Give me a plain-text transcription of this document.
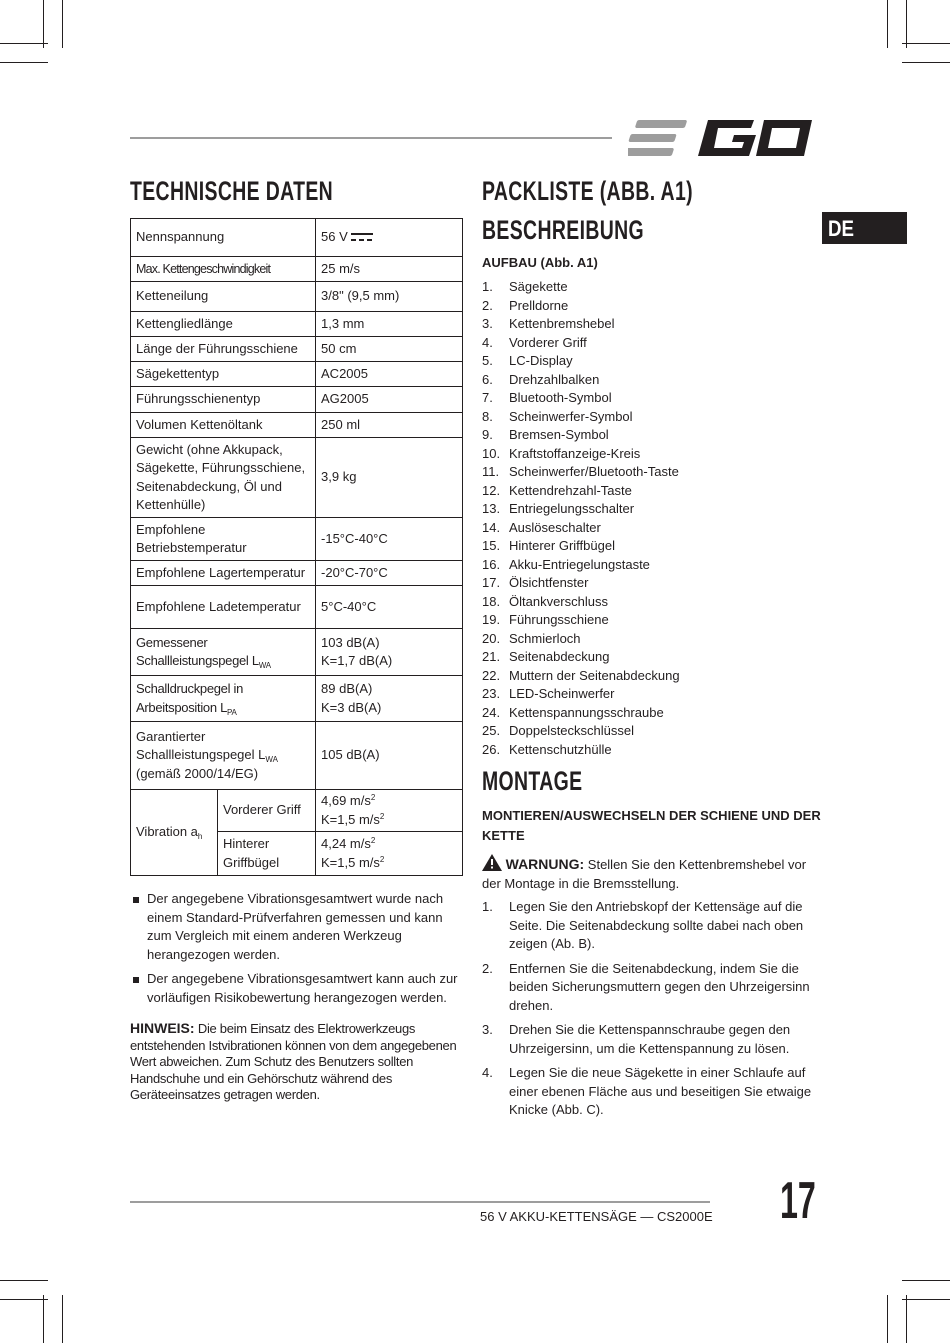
DE
TECHNISCHE DATEN
Nennspannung		56 V

Max. Kettengeschwindigkeit		25 m/s
Ketteneilung		3/8" (9,5 mm)
Kettengliedlänge		1,3 mm
Länge der Führungsschiene		50 cm
Sägekettentyp		AC2005
Führungsschienentyp		AG2005
Volumen Kettenöltank		250 ml
Gewicht (ohne Akkupack, Sägekette, Führungsschiene, Seitenabdeckung, Öl und Kettenhülle)		3,9 kg
Empfohlene Betriebstemperatur		-15°C-40°C
Empfohlene Lagertemperatur		-20°C-70°C
Empfohlene Ladetemperatur		5°C-40°C
Gemessener Schallleistungspegel $L_{WA}$		103 dB(A)
K=1,7 dB(A)
Schalldruckpegel in
Arbeitsposition $L_{PA}$		89 dB(A)
K=3 dB(A)
Garantierter
Schallleistungspegel $L_{WA}$
(gemäß 2000/14/EG)		105 dB(A)
Vibration $a_h$	Vorderer Griff	4,69 $m/s^2$
K=1,5 $m/s^2$
	Hinterer Griffbügel	4,24 $m/s^2$
K=1,5 $m/s^2$
Der angegebene Vibrationsgesamtwert wurde nach einem Standard-Prüfverfahren gemessen und kann zum Vergleich mit einem anderen Werkzeug herangezogen werden.
Der angegebene Vibrationsgesamtwert kann auch zur vorläufigen Risikobewertung herangezogen werden.
HINWEIS: Die beim Einsatz des Elektrowerkzeugs entstehenden Istvibrationen können von dem angegebenen Wert abweichen. Zum Schutz des Benutzers sollten Handschuhe und ein Gehörschutz während des Geräteeinsatzes getragen werden.
PACKLISTE (ABB. A1)
BESCHREIBUNG
AUFBAU (Abb. A1)
1. Sägekette
2. Prelldorne
3. Kettenbremshebel
4. Vorderer Griff
5. LC-Display
6. Drehzahlbalken
7. Bluetooth-Symbol
8. Scheinwerfer-Symbol
9. Bremsen-Symbol
10. Kraftstoffanzeige-Kreis
11. Scheinwerfer/Bluetooth-Taste
12. Kettendrehzahl-Taste
13. Entriegelungsschalter
14. Auslöseschalter
15. Hinterer Griffbügel
16. Akku-Entriegelungstaste
17. Ölsichtfenster
18. Öltankverschluss
19. Führungsschiene
20. Schmierloch
21. Seitenabdeckung
22. Muttern der Seitenabdeckung
23. LED-Scheinwerfer
24. Kettenspannungsschraube
25. Doppelsteckschlüssel
26. Kettenschutzhülle
MONTAGE
MONTIEREN/AUSWECHSELN DER SCHIENE UND DER
KETTE
WARNUNG: Stellen Sie den Kettenbremshebel vor der Montage in die Bremsstellung.
1. Legen Sie den Antriebskopf der Kettensäge auf die Seite. Die Seitenabdeckung sollte dabei nach oben zeigen (Ab. B).
2. Entfernen Sie die Seitenabdeckung, indem Sie die beiden Sicherungsmuttern gegen den Uhrzeigersinn drehen.
3. Drehen Sie die Kettenspannschraube gegen den Uhrzeigersinn, um die Kettenspannung zu lösen.
4. Legen Sie die neue Sägekette in einer Schlaufe auf einer ebenen Fläche aus und beseitigen Sie etwaige Knicke (Abb. C).
56 V AKKU-KETTENSÄGE — CS2000E 17
